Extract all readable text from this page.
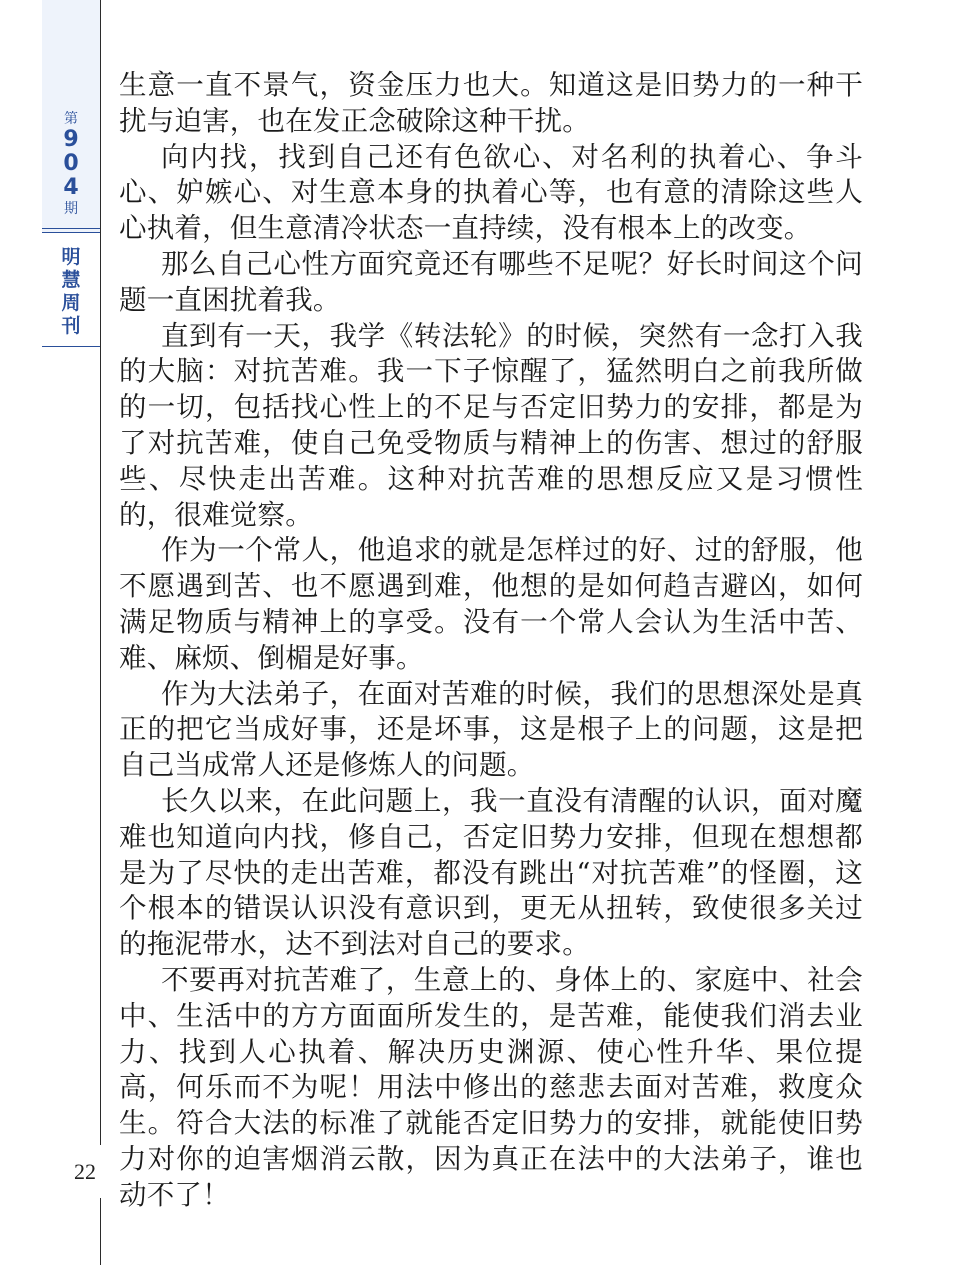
第
9
0
4
期
明
慧
周
刊
22

生意一直不景气，资金压力也大。知道这是旧势力的一种干扰与迫害，也在发正念破除这种干扰。

向内找，找到自己还有色欲心、对名利的执着心、争斗心、妒嫉心、对生意本身的执着心等，也有意的清除这些人心执着，但生意清冷状态一直持续，没有根本上的改变。

那么自己心性方面究竟还有哪些不足呢？好长时间这个问题一直困扰着我。

直到有一天，我学《转法轮》的时候，突然有一念打入我的大脑：对抗苦难。我一下子惊醒了，猛然明白之前我所做的一切，包括找心性上的不足与否定旧势力的安排，都是为了对抗苦难，使自己免受物质与精神上的伤害、想过的舒服些、尽快走出苦难。这种对抗苦难的思想反应又是习惯性的，很难觉察。

作为一个常人，他追求的就是怎样过的好、过的舒服，他不愿遇到苦、也不愿遇到难，他想的是如何趋吉避凶，如何满足物质与精神上的享受。没有一个常人会认为生活中苦、难、麻烦、倒楣是好事。

作为大法弟子，在面对苦难的时候，我们的思想深处是真正的把它当成好事，还是坏事，这是根子上的问题，这是把自己当成常人还是修炼人的问题。

长久以来，在此问题上，我一直没有清醒的认识，面对魔难也知道向内找，修自己，否定旧势力安排，但现在想想都是为了尽快的走出苦难，都没有跳出“对抗苦难”的怪圈，这个根本的错误认识没有意识到，更无从扭转，致使很多关过的拖泥带水，达不到法对自己的要求。

不要再对抗苦难了，生意上的、身体上的、家庭中、社会中、生活中的方方面面所发生的，是苦难，能使我们消去业力、找到人心执着、解决历史渊源、使心性升华、果位提高，何乐而不为呢！用法中修出的慈悲去面对苦难，救度众生。符合大法的标准了就能否定旧势力的安排，就能使旧势力对你的迫害烟消云散，因为真正在法中的大法弟子，谁也动不了！
